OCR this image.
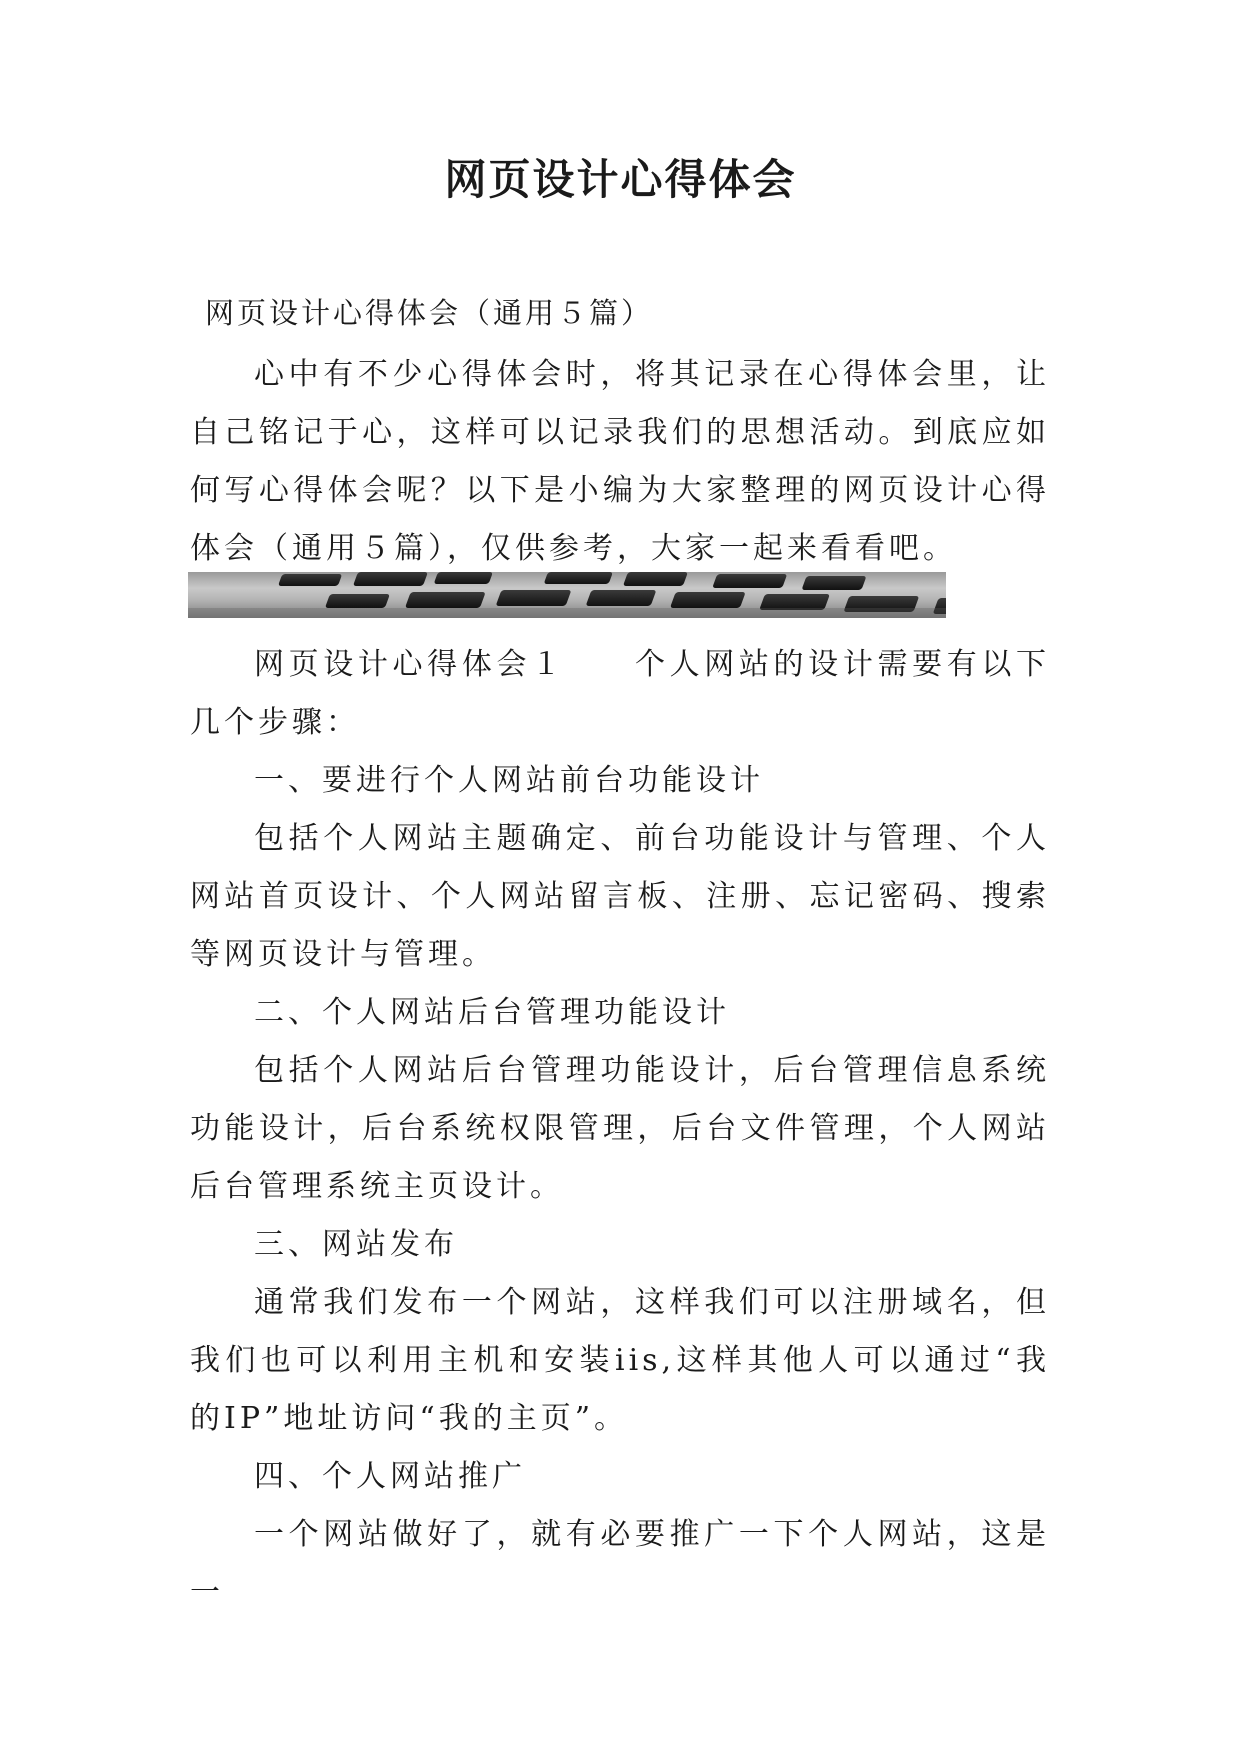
网页设计心得体会
网页设计心得体会（通用５篇）

心中有不少心得体会时，将其记录在心得体会里，让自己铭记于心，这样可以记录我们的思想活动。到底应如何写心得体会呢？以下是小编为大家整理的网页设计心得体会（通用５篇），仅供参考，大家一起来看看吧。

网页设计心得体会１　　个人网站的设计需要有以下几个步骤：

一、要进行个人网站前台功能设计

包括个人网站主题确定、前台功能设计与管理、个人网站首页设计、个人网站留言板、注册、忘记密码、搜索等网页设计与管理。

二、个人网站后台管理功能设计

包括个人网站后台管理功能设计，后台管理信息系统功能设计，后台系统权限管理，后台文件管理，个人网站后台管理系统主页设计。

三、网站发布

通常我们发布一个网站，这样我们可以注册域名，但我们也可以利用主机和安装iis,这样其他人可以通过“我的IP”地址访问“我的主页”。

四、个人网站推广

一个网站做好了，就有必要推广一下个人网站，这是一
